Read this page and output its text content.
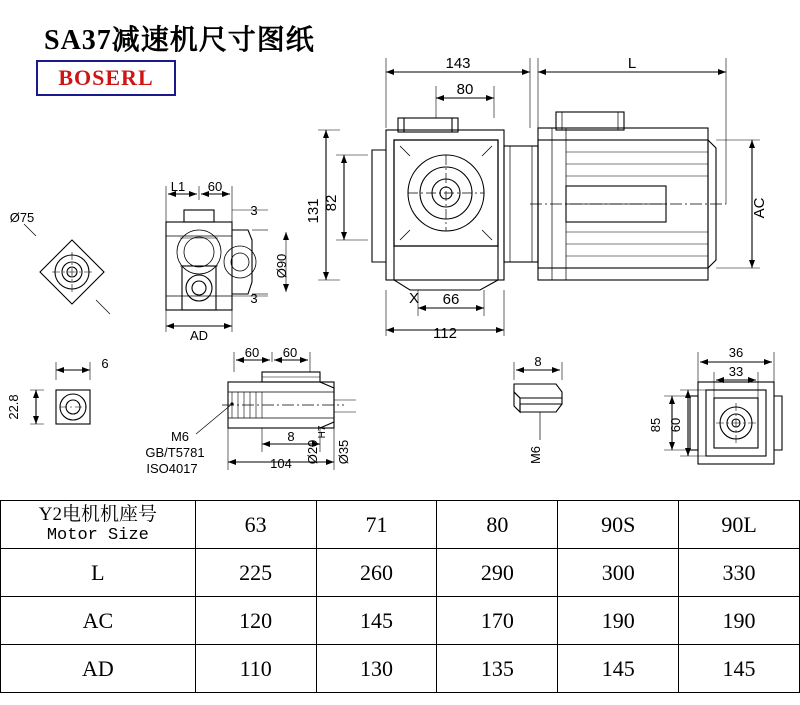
SA37减速机尺寸图纸
BOSERL
143
80
L
131 82	AC
112
66
X
L1 60
3
3
Ø90
Ø75
AD
6
22.8
60 60
8
104 Ø20
H7
Ø35
M6
GB/T5781
ISO4017
8
M6
36
33
85 60
Y2电机机座号
Motor Size	63	71	80	90S	90L
L	225	260	290	300	330
AC	120	145	170	190	190
AD	110	130	135	145	145
